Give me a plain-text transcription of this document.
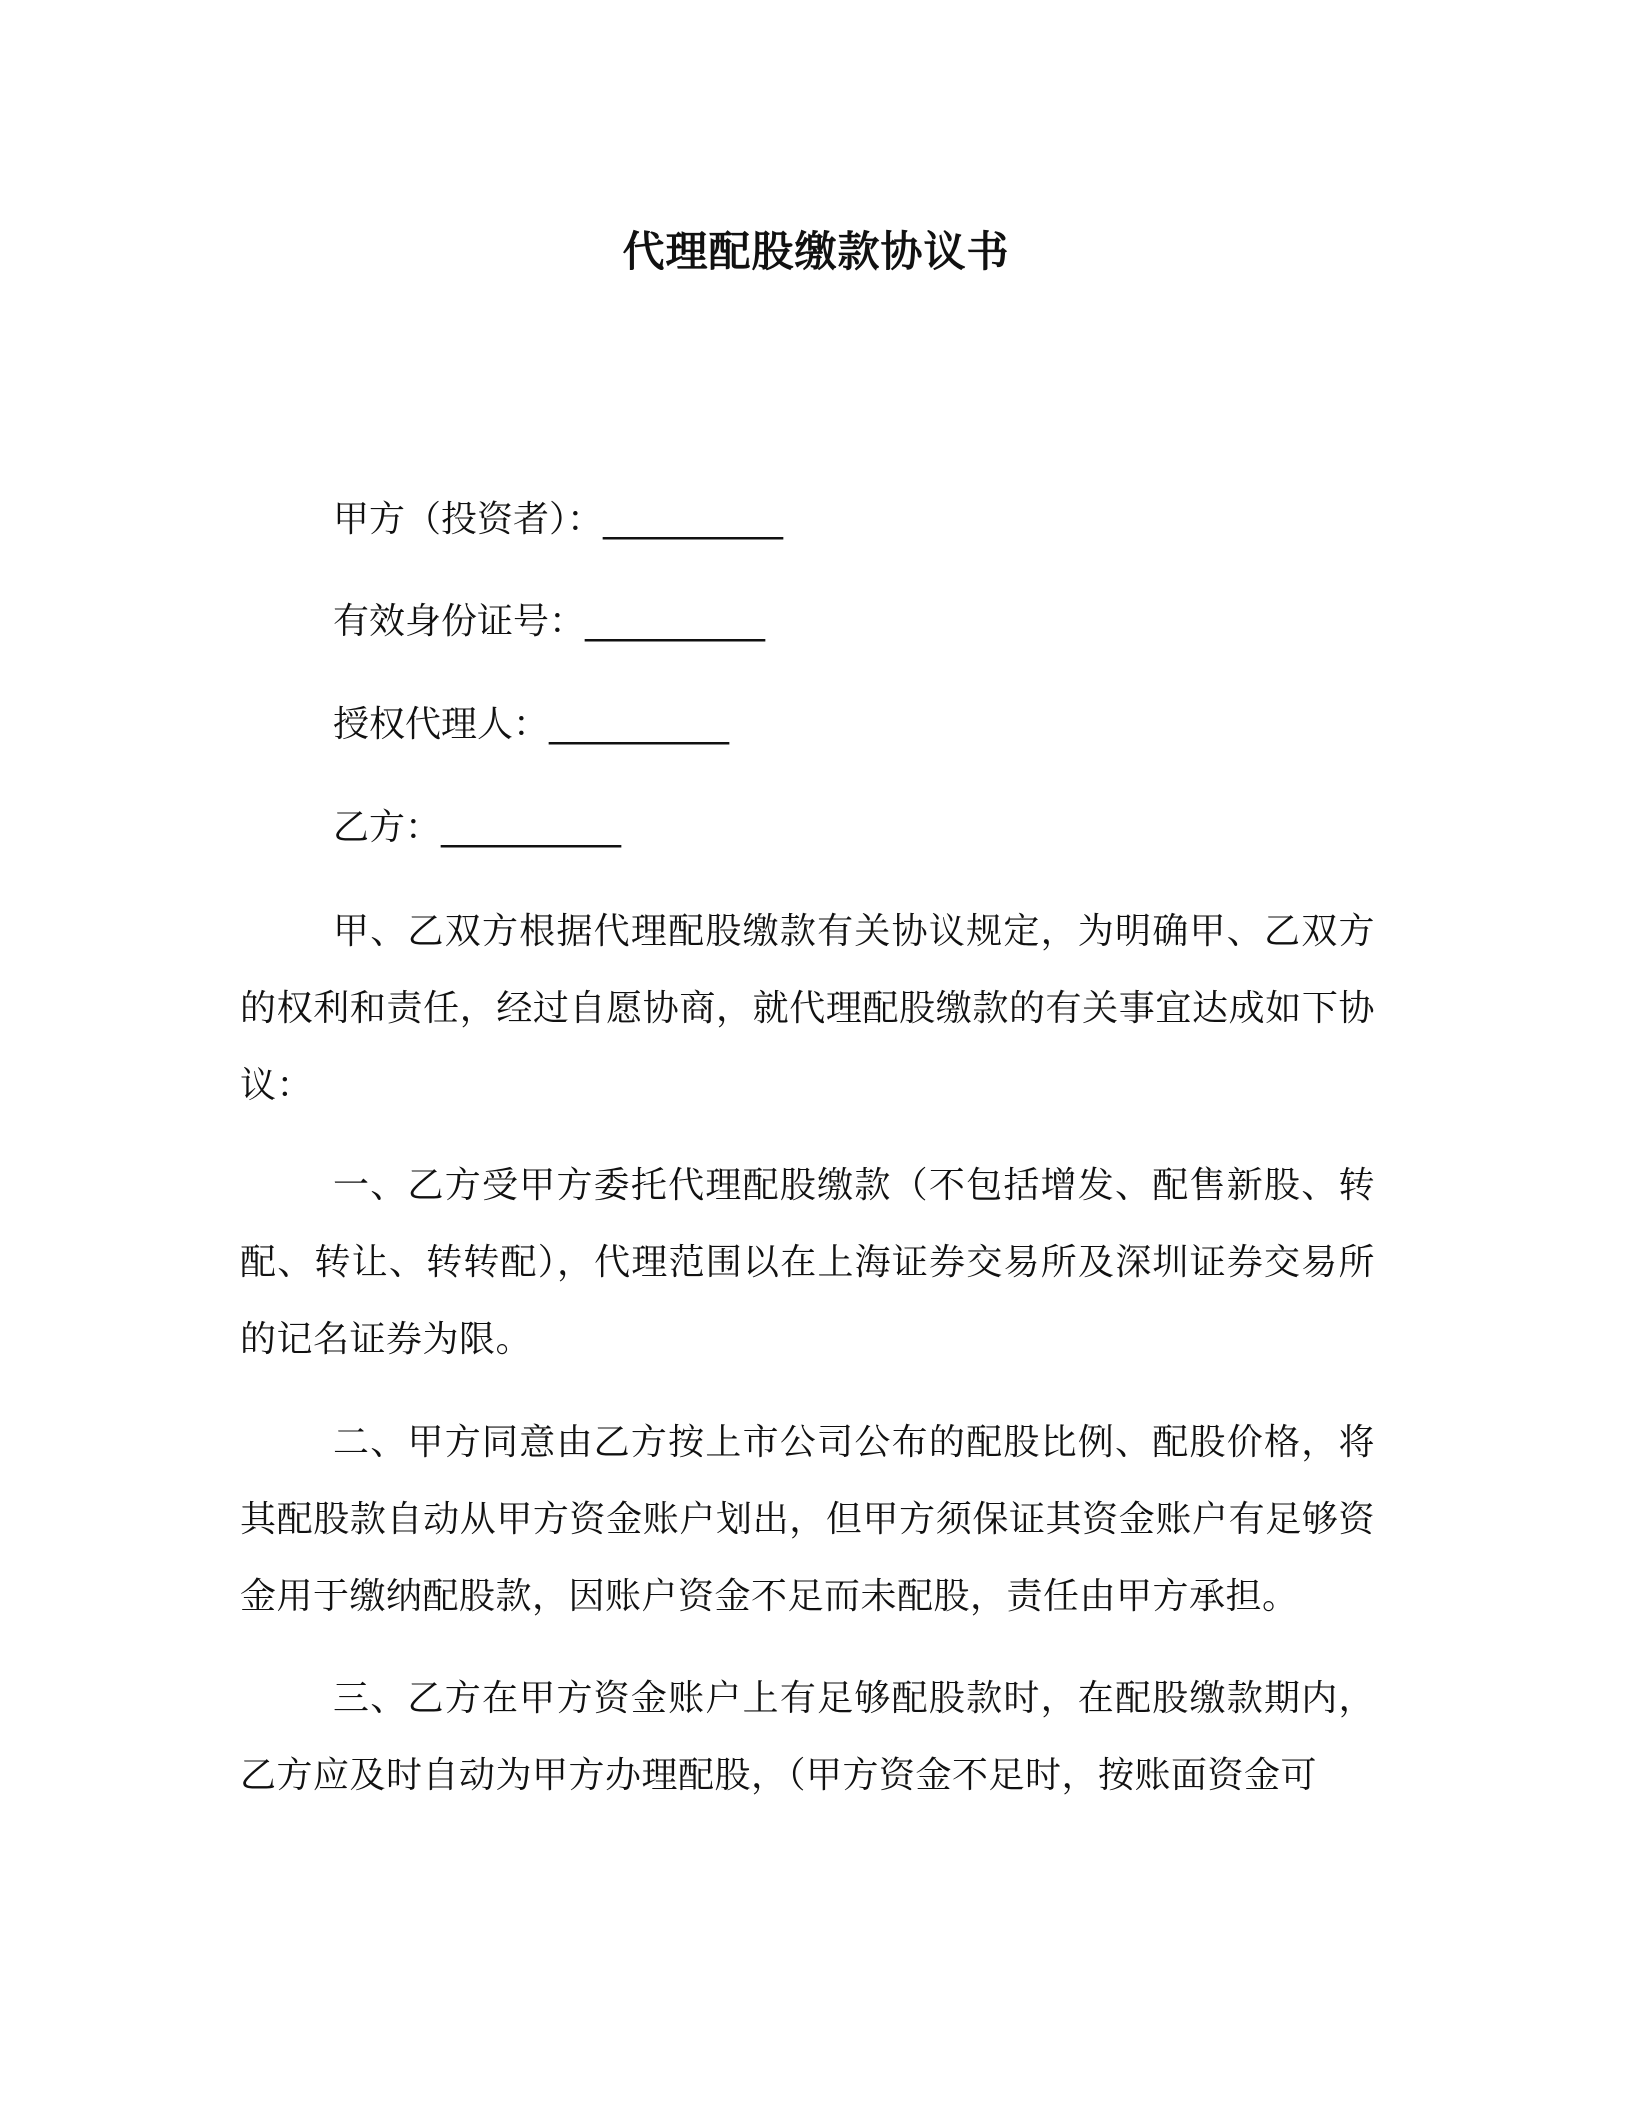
代理配股缴款协议书
甲方（投资者）：__________
有效身份证号：__________
授权代理人：__________
乙方：__________
甲、乙双方根据代理配股缴款有关协议规定，为明确甲、乙双方的权利和责任，经过自愿协商，就代理配股缴款的有关事宜达成如下协议：
一、乙方受甲方委托代理配股缴款（不包括增发、配售新股、转配、转让、转转配），代理范围以在上海证券交易所及深圳证券交易所的记名证券为限。
二、甲方同意由乙方按上市公司公布的配股比例、配股价格，将其配股款自动从甲方资金账户划出，但甲方须保证其资金账户有足够资金用于缴纳配股款，因账户资金不足而未配股，责任由甲方承担。
三、乙方在甲方资金账户上有足够配股款时，在配股缴款期内，乙方应及时自动为甲方办理配股，（甲方资金不足时，按账面资金可
